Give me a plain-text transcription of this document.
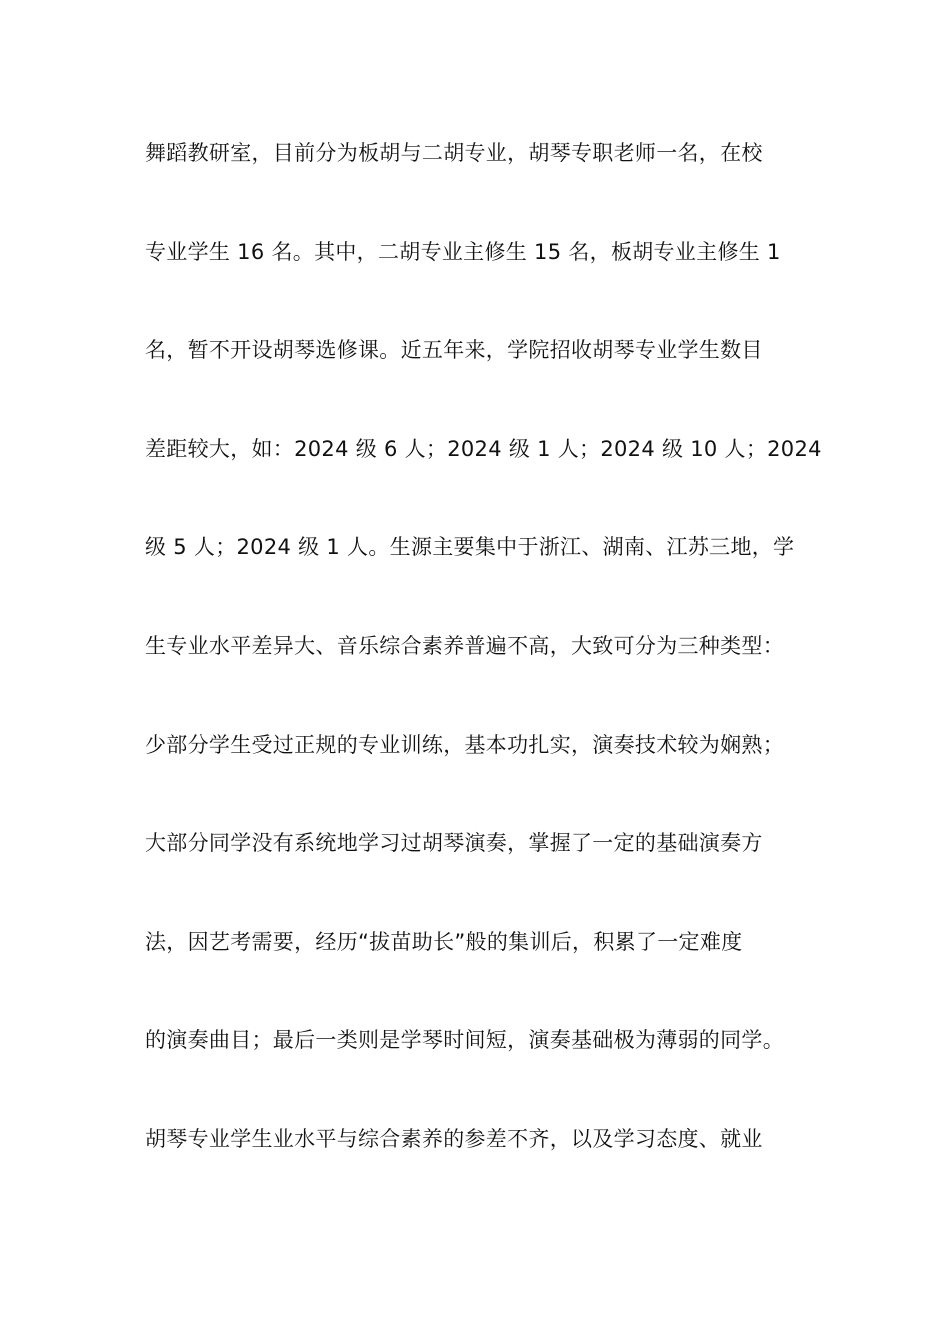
舞蹈教研室，目前分为板胡与二胡专业，胡琴专职老师一名，在校
专业学生 16 名。其中，二胡专业主修生 15 名，板胡专业主修生 1
名，暂不开设胡琴选修课。近五年来，学院招收胡琴专业学生数目
差距较大，如：2024 级 6 人；2024 级 1 人；2024 级 10 人；2024
级 5 人；2024 级 1 人。生源主要集中于浙江、湖南、江苏三地，学
生专业水平差异大、音乐综合素养普遍不高，大致可分为三种类型：
少部分学生受过正规的专业训练，基本功扎实，演奏技术较为娴熟；
大部分同学没有系统地学习过胡琴演奏，掌握了一定的基础演奏方
法，因艺考需要，经历“拔苗助长”般的集训后，积累了一定难度
的演奏曲目；最后一类则是学琴时间短，演奏基础极为薄弱的同学。
胡琴专业学生业水平与综合素养的参差不齐，以及学习态度、就业
